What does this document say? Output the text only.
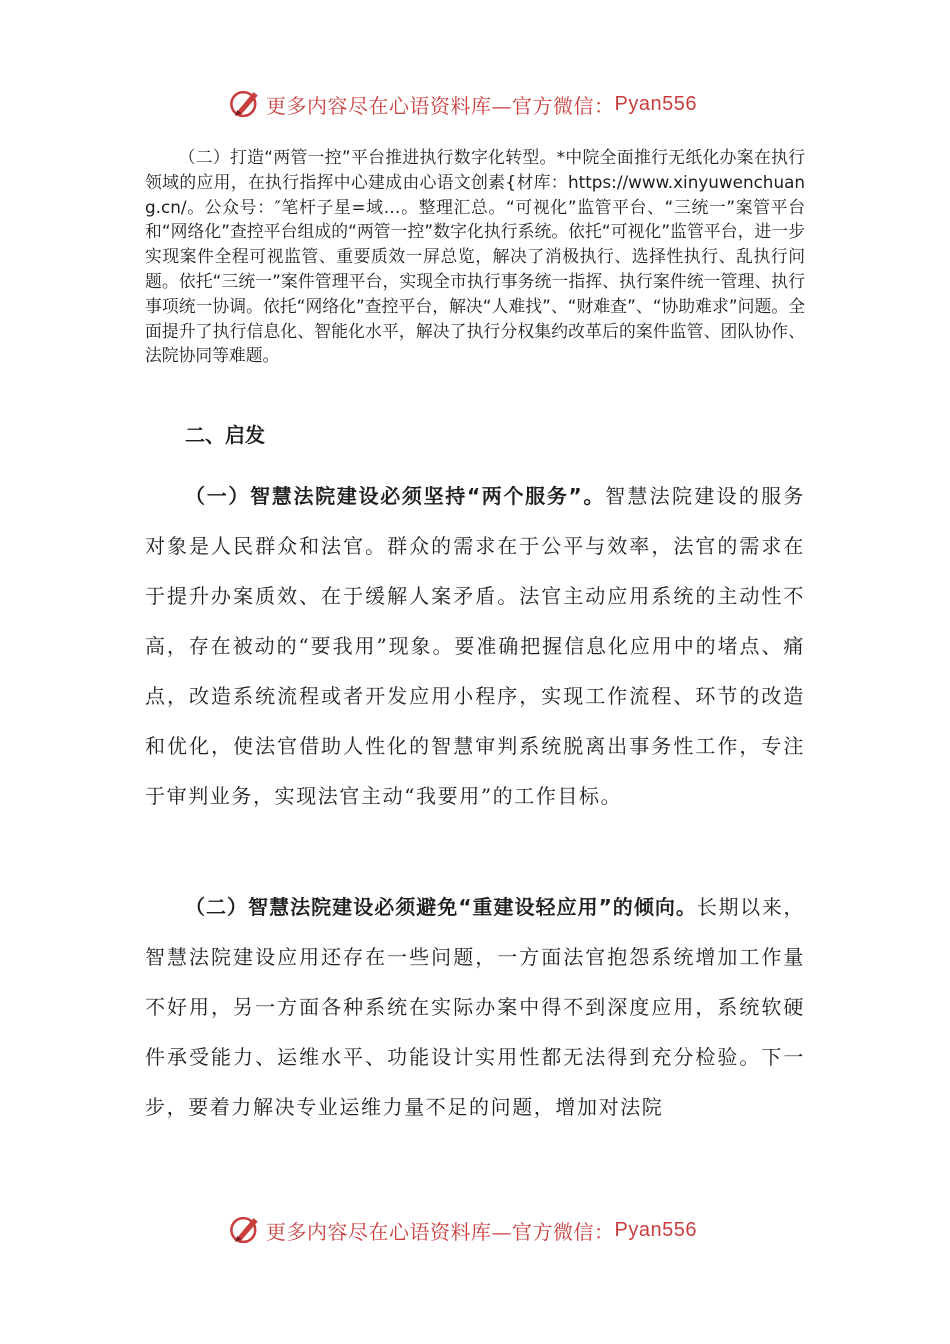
更多内容尽在心语资料库—官方微信： Pyan556

（二）打造“两管一控”平台推进执行数字化转型。*中院全面推行无纸化办案在执行领域的应用，在执行指挥中心建成由心语文创素{材库：https://www.xinyuwenchuang.cn/。公众号：″笔杆子星=域…。整理汇总。“可视化”监管平台、“三统一”案管平台和“网络化”查控平台组成的“两管一控”数字化执行系统。依托“可视化”监管平台，进一步实现案件全程可视监管、重要质效一屏总览，解决了消极执行、选择性执行、乱执行问题。依托“三统一”案件管理平台，实现全市执行事务统一指挥、执行案件统一管理、执行事项统一协调。依托“网络化”查控平台，解决“人难找”、“财难查”、“协助难求”问题。全面提升了执行信息化、智能化水平，解决了执行分权集约改革后的案件监管、团队协作、法院协同等难题。

二、启发

（一）智慧法院建设必须坚持“两个服务”。智慧法院建设的服务对象是人民群众和法官。群众的需求在于公平与效率，法官的需求在于提升办案质效、在于缓解人案矛盾。法官主动应用系统的主动性不高，存在被动的“要我用”现象。要准确把握信息化应用中的堵点、痛点，改造系统流程或者开发应用小程序，实现工作流程、环节的改造和优化，使法官借助人性化的智慧审判系统脱离出事务性工作，专注于审判业务，实现法官主动“我要用”的工作目标。

（二）智慧法院建设必须避免“重建设轻应用”的倾向。长期以来，智慧法院建设应用还存在一些问题，一方面法官抱怨系统增加工作量不好用，另一方面各种系统在实际办案中得不到深度应用，系统软硬件承受能力、运维水平、功能设计实用性都无法得到充分检验。下一步，要着力解决专业运维力量不足的问题，增加对法院

更多内容尽在心语资料库—官方微信： Pyan556
